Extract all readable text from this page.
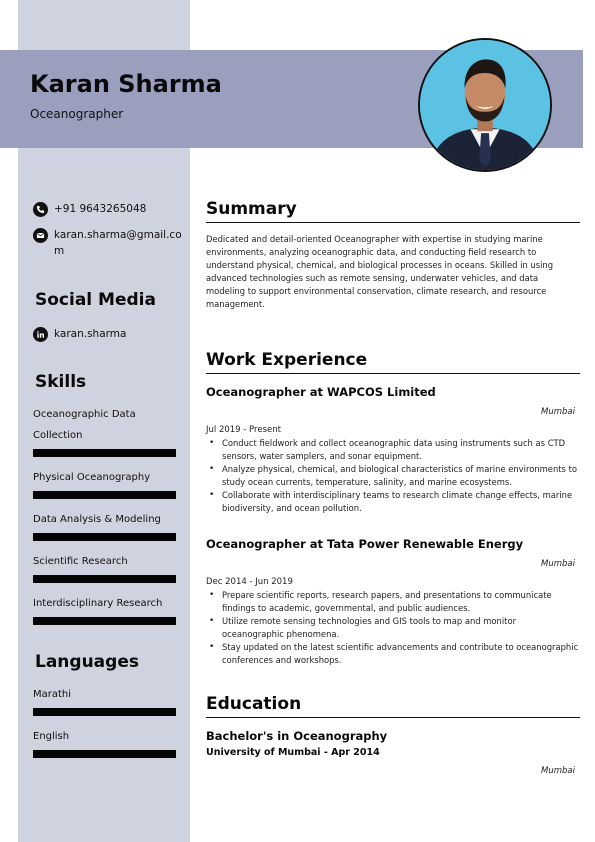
Karan Sharma
Oceanographer
+91 9643265048
karan.sharma@gmail.co
m
Social Media
karan.sharma
Skills
Oceanographic Data Collection
Physical Oceanography
Data Analysis & Modeling
Scientific Research
Interdisciplinary Research
Languages
Marathi
English
Summary
Dedicated and detail-oriented Oceanographer with expertise in studying marine environments, analyzing oceanographic data, and conducting field research to understand physical, chemical, and biological processes in oceans. Skilled in using advanced technologies such as remote sensing, underwater vehicles, and data modeling to support environmental conservation, climate research, and resource management.
Work Experience
Oceanographer at WAPCOS Limited
Mumbai
Jul 2019 - Present
• Conduct fieldwork and collect oceanographic data using instruments such as CTD sensors, water samplers, and sonar equipment.
• Analyze physical, chemical, and biological characteristics of marine environments to study ocean currents, temperature, salinity, and marine ecosystems.
• Collaborate with interdisciplinary teams to research climate change effects, marine biodiversity, and ocean pollution.
Oceanographer at Tata Power Renewable Energy
Mumbai
Dec 2014 - Jun 2019
• Prepare scientific reports, research papers, and presentations to communicate findings to academic, governmental, and public audiences.
• Utilize remote sensing technologies and GIS tools to map and monitor oceanographic phenomena.
• Stay updated on the latest scientific advancements and contribute to oceanographic conferences and workshops.
Education
Bachelor's in Oceanography
University of Mumbai - Apr 2014
Mumbai
